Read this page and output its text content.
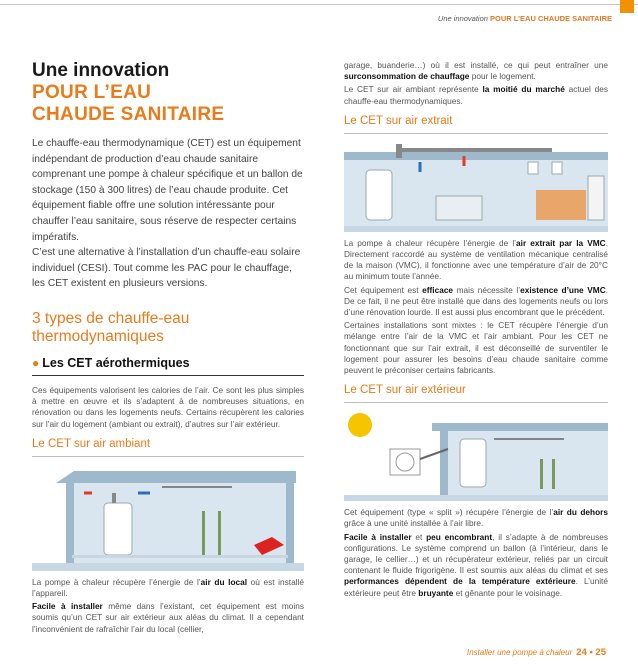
Une innovation POUR L’EAU CHAUDE SANITAIRE
Une innovation
POUR L’EAU
CHAUDE SANITAIRE

Le chauffe-eau thermodynamique (CET) est un équipement indépendant de production d’eau chaude sanitaire comprenant une pompe à chaleur spécifique et un ballon de stockage (150 à 300 litres) de l’eau chaude produite. Cet équipement fiable offre une solution intéressante pour chauffer l’eau sanitaire, sous réserve de respecter certains impératifs.

C’est une alternative à l’installation d’un chauffe-eau solaire individuel (CESI). Tout comme les PAC pour le chauffage, les CET existent en plusieurs versions.

3 types de chauffe-eau thermodynamiques
● Les CET aérothermiques
Ces équipements valorisent les calories de l’air. Ce sont les plus simples à mettre en œuvre et ils s’adaptent à de nombreuses situations, en rénovation ou dans les logements neufs. Certains récupèrent les calories sur l’air du logement (ambiant ou extrait), d’autres sur l’air extérieur.
Le CET sur air ambiant

La pompe à chaleur récupère l’énergie de l’air du local où est installé l’appareil.

Facile à installer même dans l’existant, cet équipement est moins soumis qu’un CET sur air extérieur aux aléas du climat. Il a cependant l’inconvénient de rafraîchir l’air du local (cellier,

garage, buanderie…) où il est installé, ce qui peut entraîner une surconsommation de chauffage pour le logement.

Le CET sur air ambiant représente la moitié du marché actuel des chauffe-eau thermodynamiques.

Le CET sur air extrait

La pompe à chaleur récupère l’énergie de l’air extrait par la VMC. Directement raccordé au système de ventilation mécanique centralisé de la maison (VMC), il fonctionne avec une température d’air de 20°C au minimum toute l’année.

Cet équipement est efficace mais nécessite l’existence d’une VMC. De ce fait, il ne peut être installé que dans des logements neufs ou lors d’une rénovation lourde. Il est aussi plus encombrant que le précédent.

Certaines installations sont mixtes : le CET récupère l’énergie d’un mélange entre l’air de la VMC et l’air ambiant. Pour les CET ne fonctionnant que sur l’air extrait, il est déconseillé de surventiler le logement pour assurer les besoins d’eau chaude sanitaire comme peuvent le préconiser certains fabricants.

Le CET sur air extérieur

Cet équipement (type « split ») récupère l’énergie de l’air du dehors grâce à une unité installée à l’air libre.

Facile à installer et peu encombrant, il s’adapte à de nombreuses configurations. Le système comprend un ballon (à l’intérieur, dans le garage, le cellier…) et un récupérateur extérieur, reliés par un circuit contenant le fluide frigorigène. Il est soumis aux aléas du climat et ses performances dépendent de la température extérieure. L’unité extérieure peut être bruyante et gênante pour le voisinage.

Installer une pompe à chaleur 24 • 25
